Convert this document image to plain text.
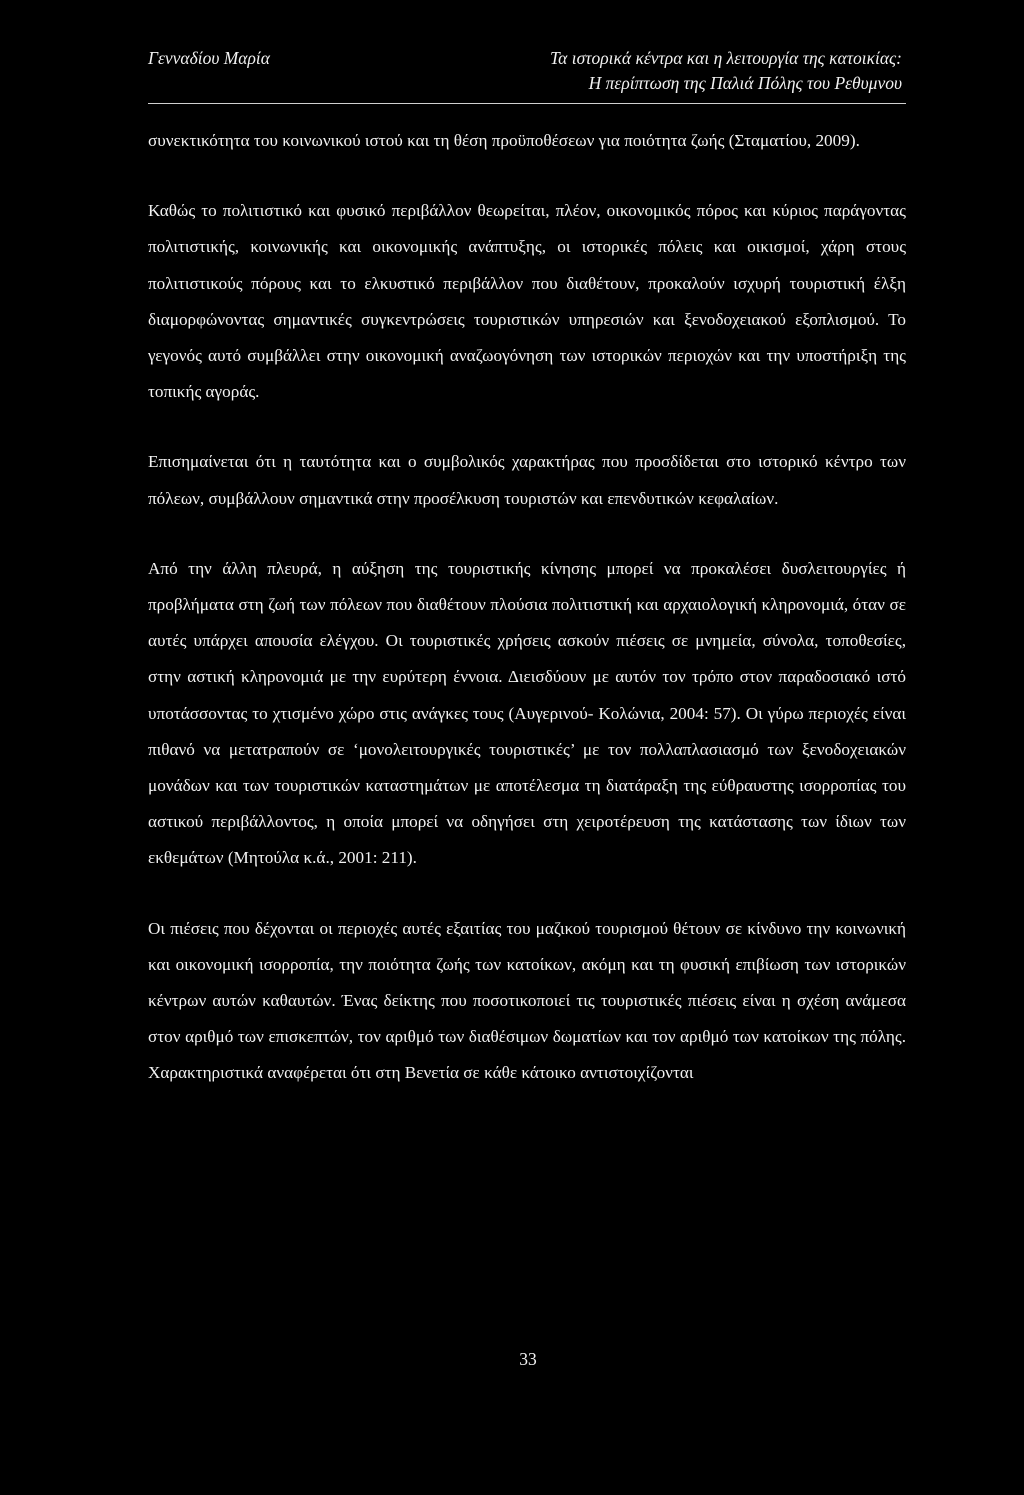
Γενναδίου Μαρία	Τα ιστορικά κέντρα και η λειτουργία της κατοικίας:
Η περίπτωση της Παλιά Πόλης του Ρεθυμνου

συνεκτικότητα του κοινωνικού ιστού και τη θέση προϋποθέσεων για ποιότητα ζωής (Σταματίου, 2009).

Καθώς το πολιτιστικό και φυσικό περιβάλλον θεωρείται, πλέον, οικονομικός πόρος και κύριος παράγοντας πολιτιστικής, κοινωνικής και οικονομικής ανάπτυξης, οι ιστορικές πόλεις και οικισμοί, χάρη στους πολιτιστικούς πόρους και το ελκυστικό περιβάλλον που διαθέτουν, προκαλούν ισχυρή τουριστική έλξη διαμορφώνοντας σημαντικές συγκεντρώσεις τουριστικών υπηρεσιών και ξενοδοχειακού εξοπλισμού. Το γεγονός αυτό συμβάλλει στην οικονομική αναζωογόνηση των ιστορικών περιοχών και την υποστήριξη της τοπικής αγοράς.

Επισημαίνεται ότι η ταυτότητα και ο συμβολικός χαρακτήρας που προσδίδεται στο ιστορικό κέντρο των πόλεων, συμβάλλουν σημαντικά στην προσέλκυση τουριστών και επενδυτικών κεφαλαίων.

Από την άλλη πλευρά, η αύξηση της τουριστικής κίνησης μπορεί να προκαλέσει δυσλειτουργίες ή προβλήματα στη ζωή των πόλεων που διαθέτουν πλούσια πολιτιστική και αρχαιολογική κληρονομιά, όταν σε αυτές υπάρχει απουσία ελέγχου. Οι τουριστικές χρήσεις ασκούν πιέσεις σε μνημεία, σύνολα, τοποθεσίες, στην αστική κληρονομιά με την ευρύτερη έννοια. Διεισδύουν με αυτόν τον τρόπο στον παραδοσιακό ιστό υποτάσσοντας το χτισμένο χώρο στις ανάγκες τους (Αυγερινού- Κολώνια, 2004: 57). Οι γύρω περιοχές είναι πιθανό να μετατραπούν σε ‘μονολειτουργικές τουριστικές’ με τον πολλαπλασιασμό των ξενοδοχειακών μονάδων και των τουριστικών καταστημάτων με αποτέλεσμα τη διατάραξη της εύθραυστης ισορροπίας του αστικού περιβάλλοντος, η οποία μπορεί να οδηγήσει στη χειροτέρευση της κατάστασης των ίδιων των εκθεμάτων (Μητούλα κ.ά., 2001: 211).

Οι πιέσεις που δέχονται οι περιοχές αυτές εξαιτίας του μαζικού τουρισμού θέτουν σε κίνδυνο την κοινωνική και οικονομική ισορροπία, την ποιότητα ζωής των κατοίκων, ακόμη και τη φυσική επιβίωση των ιστορικών κέντρων αυτών καθαυτών. Ένας δείκτης που ποσοτικοποιεί τις τουριστικές πιέσεις είναι η σχέση ανάμεσα στον αριθμό των επισκεπτών, τον αριθμό των διαθέσιμων δωματίων και τον αριθμό των κατοίκων της πόλης. Χαρακτηριστικά αναφέρεται ότι στη Βενετία σε κάθε κάτοικο αντιστοιχίζονται

33
